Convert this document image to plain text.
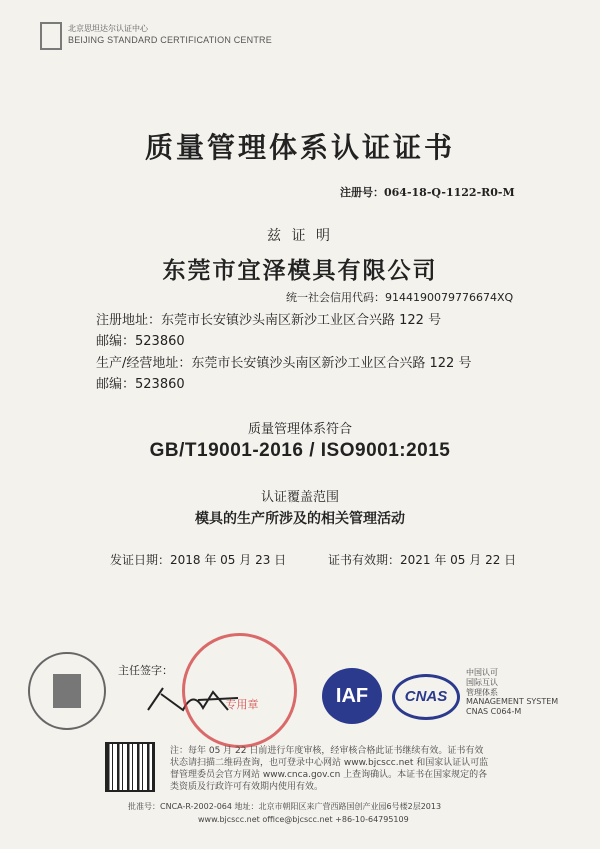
北京思坦达尔认证中心
BEIJING STANDARD CERTIFICATION CENTRE
质量管理体系认证证书
注册号：064-18-Q-1122-R0-M
兹 证 明
东莞市宜泽模具有限公司
统一社会信用代码：9144190079776674XQ
注册地址：东莞市长安镇沙头南区新沙工业区合兴路 122 号
邮编：523860
生产/经营地址：东莞市长安镇沙头南区新沙工业区合兴路 122 号
邮编：523860
质量管理体系符合
GB/T19001-2016 / ISO9001:2015
认证覆盖范围
模具的生产所涉及的相关管理活动
发证日期：2018 年 05 月 23 日	证书有效期：2021 年 05 月 22 日
主任签字：
专用章	IAF	CNAS
中国认可
国际互认
管理体系
MANAGEMENT SYSTEM
CNAS C064-M
注：每年 05 月 22 日前进行年度审核，经审核合格此证书继续有效。证书有效
状态请扫描二维码查询，也可登录中心网站 www.bjcscc.net 和国家认证认可监
督管理委员会官方网站 www.cnca.gov.cn 上查询确认。本证书在国家规定的各
类资质及行政许可有效期内使用有效。
批准号：CNCA-R-2002-064 地址：北京市朝阳区来广营西路国创产业园6号楼2层2013
www.bjcscc.net office@bjcscc.net +86-10-64795109
